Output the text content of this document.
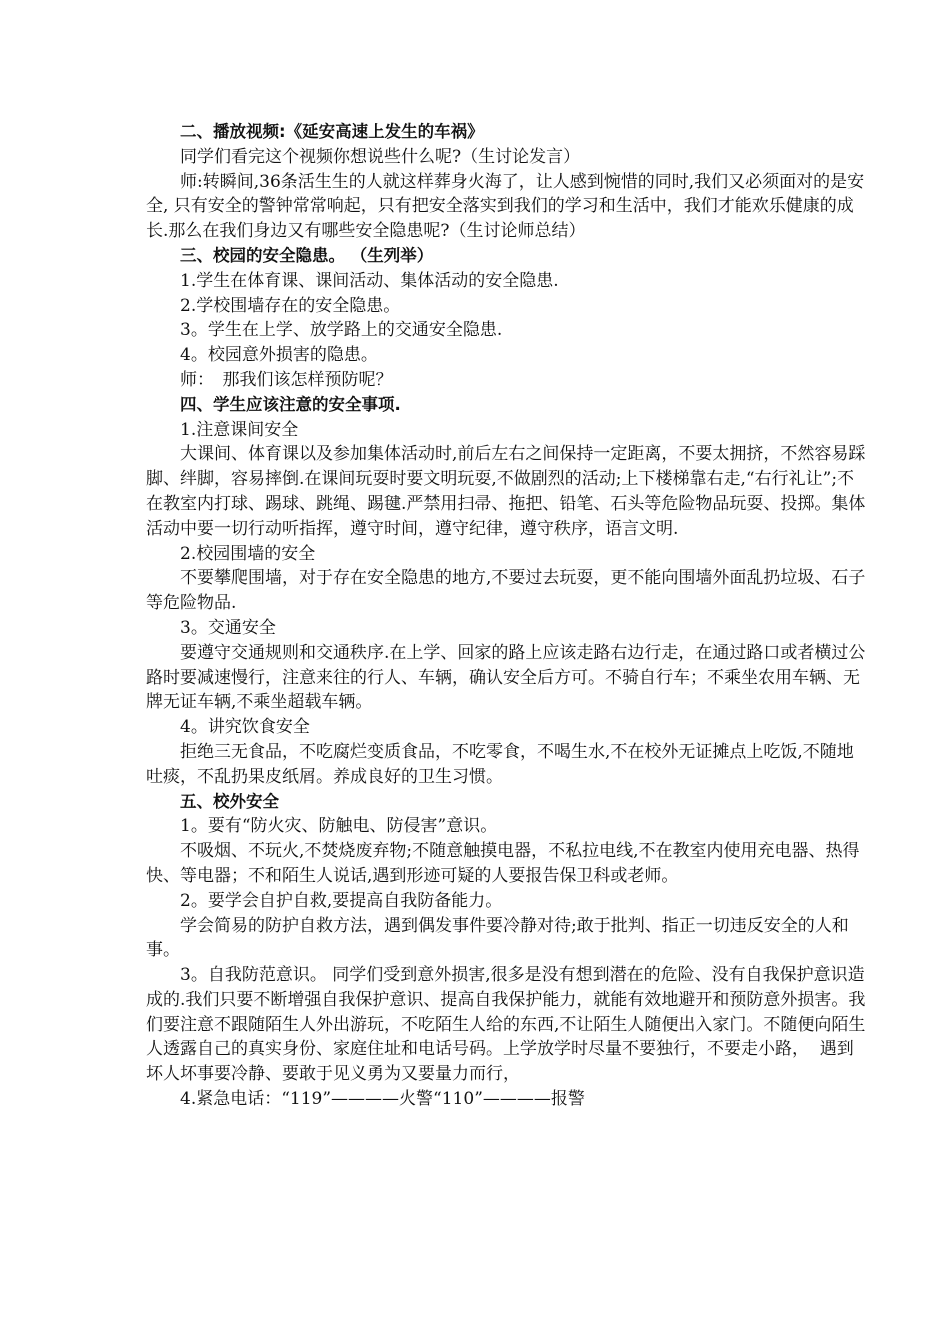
二、播放视频:《延安高速上发生的车祸》

同学们看完这个视频你想说些什么呢?（生讨论发言）

师:转瞬间,36条活生生的人就这样葬身火海了，让人感到惋惜的同时,我们又必须面对的是安全, 只有安全的警钟常常响起，只有把安全落实到我们的学习和生活中，我们才能欢乐健康的成长.那么在我们身边又有哪些安全隐患呢?（生讨论师总结）

三、校园的安全隐患。 （生列举）

1.学生在体育课、课间活动、集体活动的安全隐患.

2.学校围墙存在的安全隐患。

3。学生在上学、放学路上的交通安全隐患.

4。校园意外损害的隐患。

师：　那我们该怎样预防呢？

四、学生应该注意的安全事项.

1.注意课间安全

大课间、体育课以及参加集体活动时,前后左右之间保持一定距离，不要太拥挤，不然容易踩脚、绊脚，容易摔倒.在课间玩耍时要文明玩耍,不做剧烈的活动;上下楼梯靠右走,“右行礼让”;不在教室内打球、踢球、跳绳、踢毽.严禁用扫帚、拖把、铅笔、石头等危险物品玩耍、投掷。集体活动中要一切行动听指挥，遵守时间，遵守纪律，遵守秩序，语言文明.

2.校园围墙的安全

不要攀爬围墙，对于存在安全隐患的地方,不要过去玩耍，更不能向围墙外面乱扔垃圾、石子等危险物品.

3。交通安全

要遵守交通规则和交通秩序.在上学、回家的路上应该走路右边行走，在通过路口或者横过公路时要减速慢行，注意来往的行人、车辆，确认安全后方可。不骑自行车；不乘坐农用车辆、无牌无证车辆,不乘坐超载车辆。

4。讲究饮食安全

拒绝三无食品，不吃腐烂变质食品，不吃零食，不喝生水,不在校外无证摊点上吃饭,不随地吐痰，不乱扔果皮纸屑。养成良好的卫生习惯。

五、校外安全

1。要有“防火灾、防触电、防侵害”意识。

不吸烟、不玩火,不焚烧废弃物;不随意触摸电器，不私拉电线,不在教室内使用充电器、热得快、等电器；不和陌生人说话,遇到形迹可疑的人要报告保卫科或老师。

2。要学会自护自救,要提高自我防备能力。

学会简易的防护自救方法，遇到偶发事件要冷静对待;敢于批判、指正一切违反安全的人和事。

3。自我防范意识。 同学们受到意外损害,很多是没有想到潜在的危险、没有自我保护意识造成的.我们只要不断增强自我保护意识、提高自我保护能力，就能有效地避开和预防意外损害。我们要注意不跟随陌生人外出游玩，不吃陌生人给的东西,不让陌生人随便出入家门。不随便向陌生人透露自己的真实身份、家庭住址和电话号码。上学放学时尽量不要独行，不要走小路，  遇到坏人坏事要冷静、要敢于见义勇为又要量力而行，

4.紧急电话：“119”————火警“110”————报警
